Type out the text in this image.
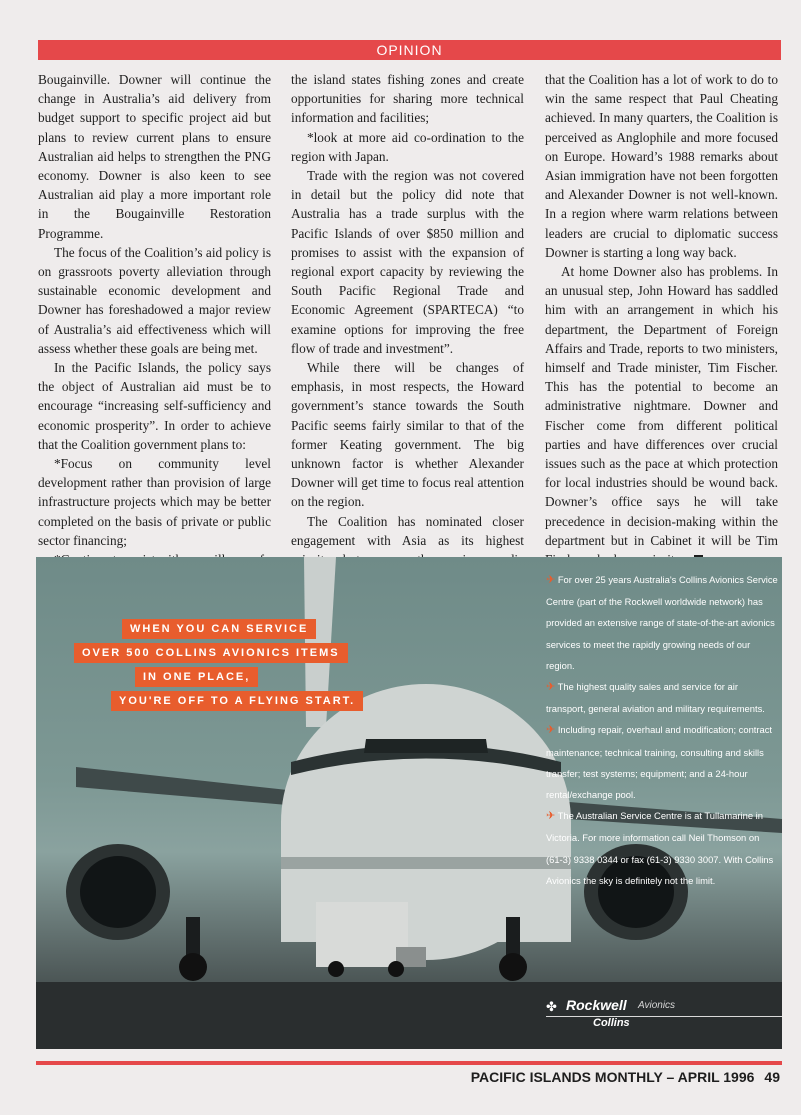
OPINION

Bougainville. Downer will continue the change in Australia’s aid delivery from budget support to specific project aid but plans to review current plans to ensure Australian aid helps to strengthen the PNG economy. Downer is also keen to see Australian aid play a more important role in the Bougainville Restoration Programme.

The focus of the Coalition’s aid policy is on grassroots poverty alleviation through sustainable economic development and Downer has foreshadowed a major review of Australia’s aid effectiveness which will assess whether these goals are being met.

In the Pacific Islands, the policy says the object of Australian aid must be to encourage “increasing self-sufficiency and economic prosperity”. In order to achieve that the Coalition government plans to:

*Focus on community level development rather than provision of large infrastructure projects which may be better completed on the basis of private or public sector financing;

the island states fishing zones and create opportunities for sharing more technical information and facilities;

*look at more aid co-ordination to the region with Japan.

Trade with the region was not covered in detail but the policy did note that Australia has a trade surplus with the Pacific Islands of over $850 million and promises to assist with the expansion of regional export capacity by reviewing the South Pacific Regional Trade and Economic Agreement (SPARTECA) “to examine options for improving the free flow of trade and investment”.

While there will be changes of emphasis, in most respects, the Howard government’s stance towards the South Pacific seems fairly similar to that of the former Keating government. The big unknown factor is whether Alexander Downer will get time to focus real attention on the region.

The Coalition has nominated closer engagement with Asia as its highest

that the Coalition has a lot of work to do to win the same respect that Paul Cheating achieved. In many quarters, the Coalition is perceived as Anglophile and more focused on Europe. Howard’s 1988 remarks about Asian immigration have not been forgotten and Alexander Downer is not well-known. In a region where warm relations between leaders are crucial to diplomatic success Downer is starting a long way back.

At home Downer also has problems. In an unusual step, John Howard has saddled him with an arrangement in which his department, the Department of Foreign Affairs and Trade, reports to two ministers, himself and Trade minister, Tim Fischer. This has the potential to become an administrative nightmare. Downer and Fischer come from different political parties and have differences over crucial issues such as the pace at which protection for local industries should be wound back. Downer’s office says he will take precedence in decision-making within the department but in Cabinet it will be Tim

WHEN YOU CAN SERVICE
OVER 500 COLLINS AVIONICS ITEMS
IN ONE PLACE,
YOU'RE OFF TO A FLYING START.

✈ For over 25 years Australia's Collins Avionics Service Centre (part of the Rockwell worldwide network) has provided an extensive range of state-of-the-art avionics services to meet the rapidly growing needs of our region.

✈ The highest quality sales and service for air transport, general aviation and military requirements.

✈ Including repair, overhaul and modification; contract maintenance; technical training, consulting and skills transfer; test systems; equipment; and a 24-hour rental/exchange pool.

✈ The Australian Service Centre is at Tullamarine in Victoria. For more information call Neil Thomson on (61-3) 9338 0344 or fax (61-3) 9330 3007. With Collins Avionics the sky is definitely not the limit.

✤ Rockwell Avionics
Collins
PACIFIC ISLANDS MONTHLY – APRIL 1996 49
